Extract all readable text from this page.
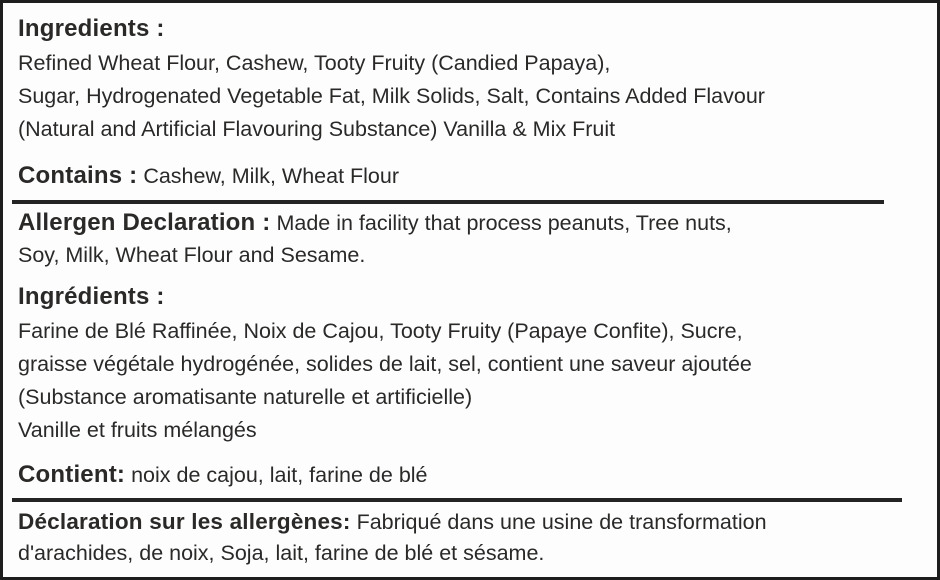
Ingredients :

Refined Wheat Flour, Cashew, Tooty Fruity (Candied Papaya),

Sugar, Hydrogenated Vegetable Fat, Milk Solids, Salt, Contains Added Flavour

(Natural and Artificial Flavouring Substance) Vanilla & Mix Fruit

Contains : Cashew, Milk, Wheat Flour

Allergen Declaration : Made in facility that process peanuts, Tree nuts,

Soy, Milk, Wheat Flour and Sesame.

Ingrédients :

Farine de Blé Raffinée, Noix de Cajou, Tooty Fruity (Papaye Confite), Sucre,

graisse végétale hydrogénée, solides de lait, sel, contient une saveur ajoutée

(Substance aromatisante naturelle et artificielle)

Vanille et fruits mélangés

Contient: noix de cajou, lait, farine de blé

Déclaration sur les allergènes: Fabriqué dans une usine de transformation

d'arachides, de noix, Soja, lait, farine de blé et sésame.
